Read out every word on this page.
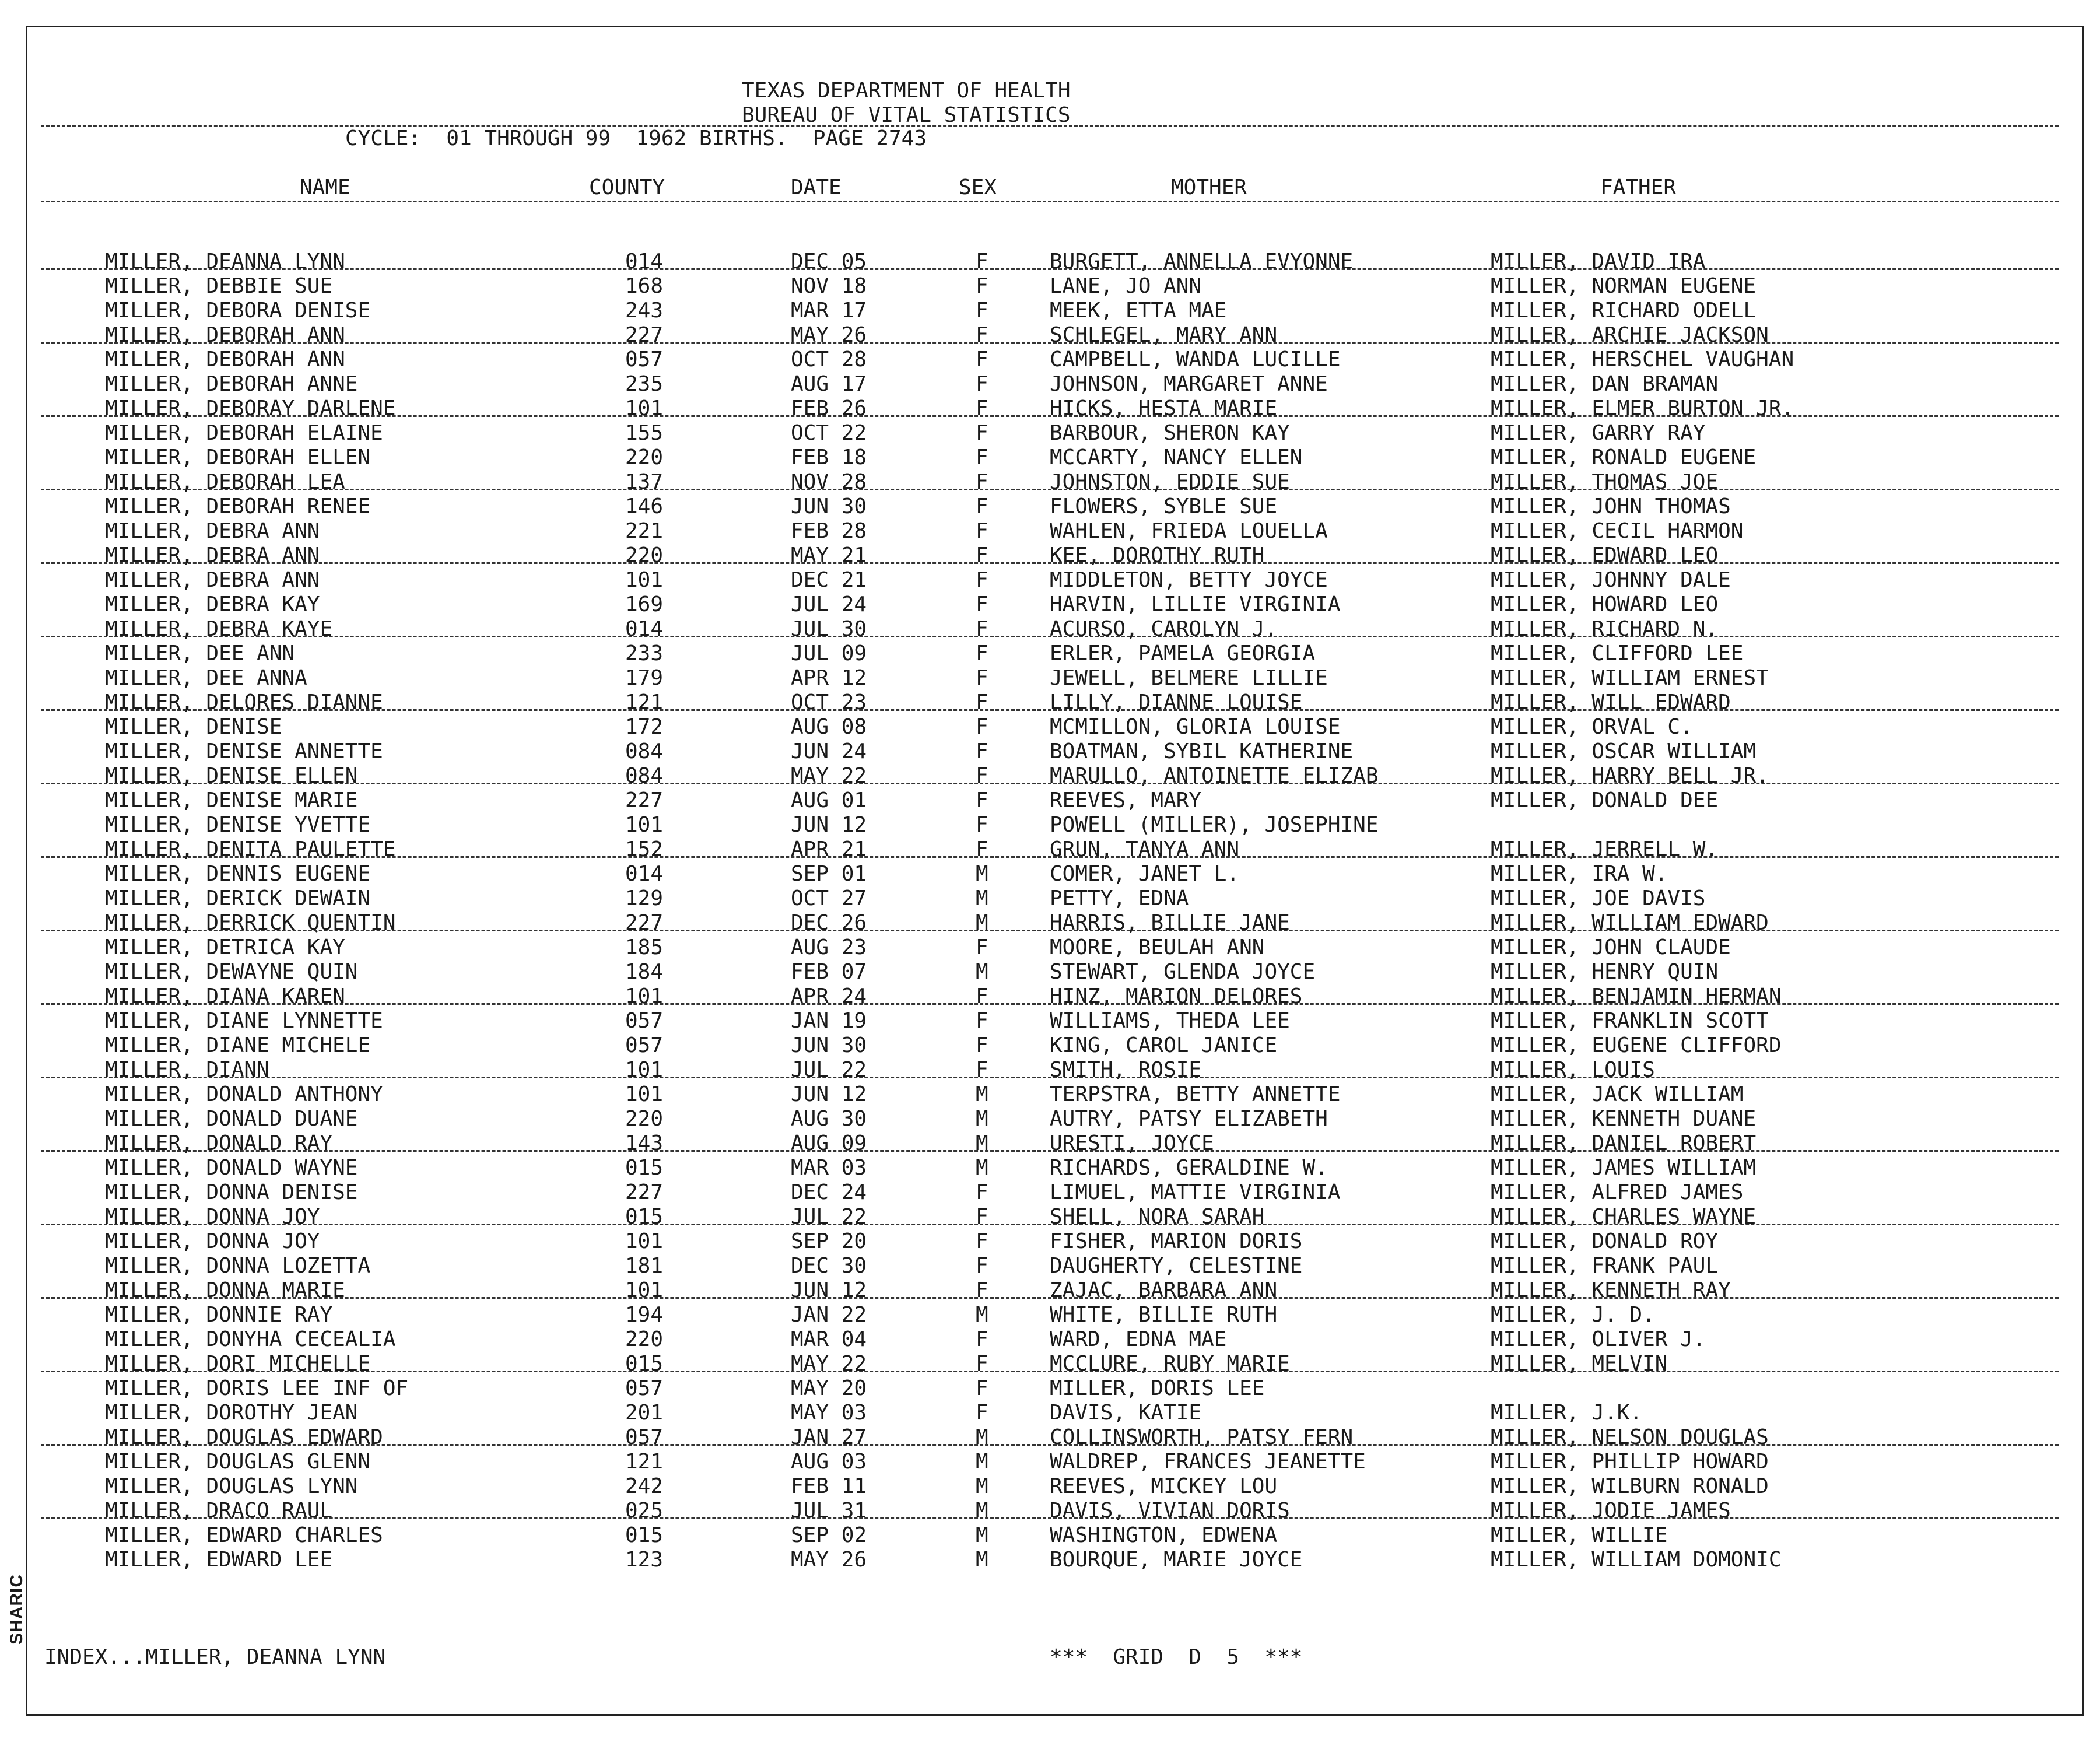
SHARIC
TEXAS DEPARTMENT OF HEALTH
BUREAU OF VITAL STATISTICS
CYCLE:  01 THROUGH 99  1962 BIRTHS.  PAGE 2743
NAME	COUNTY	DATE	SEX	MOTHER	FATHER
MILLER, DEANNA LYNN	014	DEC 05	F	BURGETT, ANNELLA EVYONNE	MILLER, DAVID IRA
MILLER, DEBBIE SUE	168	NOV 18	F	LANE, JO ANN	MILLER, NORMAN EUGENE
MILLER, DEBORA DENISE	243	MAR 17	F	MEEK, ETTA MAE	MILLER, RICHARD ODELL
MILLER, DEBORAH ANN	227	MAY 26	F	SCHLEGEL, MARY ANN	MILLER, ARCHIE JACKSON
MILLER, DEBORAH ANN	057	OCT 28	F	CAMPBELL, WANDA LUCILLE	MILLER, HERSCHEL VAUGHAN
MILLER, DEBORAH ANNE	235	AUG 17	F	JOHNSON, MARGARET ANNE	MILLER, DAN BRAMAN
MILLER, DEBORAY DARLENE	101	FEB 26	F	HICKS, HESTA MARIE	MILLER, ELMER BURTON JR.
MILLER, DEBORAH ELAINE	155	OCT 22	F	BARBOUR, SHERON KAY	MILLER, GARRY RAY
MILLER, DEBORAH ELLEN	220	FEB 18	F	MCCARTY, NANCY ELLEN	MILLER, RONALD EUGENE
MILLER, DEBORAH LEA	137	NOV 28	F	JOHNSTON, EDDIE SUE	MILLER, THOMAS JOE
MILLER, DEBORAH RENEE	146	JUN 30	F	FLOWERS, SYBLE SUE	MILLER, JOHN THOMAS
MILLER, DEBRA ANN	221	FEB 28	F	WAHLEN, FRIEDA LOUELLA	MILLER, CECIL HARMON
MILLER, DEBRA ANN	220	MAY 21	F	KEE, DOROTHY RUTH	MILLER, EDWARD LEO
MILLER, DEBRA ANN	101	DEC 21	F	MIDDLETON, BETTY JOYCE	MILLER, JOHNNY DALE
MILLER, DEBRA KAY	169	JUL 24	F	HARVIN, LILLIE VIRGINIA	MILLER, HOWARD LEO
MILLER, DEBRA KAYE	014	JUL 30	F	ACURSO, CAROLYN J.	MILLER, RICHARD N.
MILLER, DEE ANN	233	JUL 09	F	ERLER, PAMELA GEORGIA	MILLER, CLIFFORD LEE
MILLER, DEE ANNA	179	APR 12	F	JEWELL, BELMERE LILLIE	MILLER, WILLIAM ERNEST
MILLER, DELORES DIANNE	121	OCT 23	F	LILLY, DIANNE LOUISE	MILLER, WILL EDWARD
MILLER, DENISE	172	AUG 08	F	MCMILLON, GLORIA LOUISE	MILLER, ORVAL C.
MILLER, DENISE ANNETTE	084	JUN 24	F	BOATMAN, SYBIL KATHERINE	MILLER, OSCAR WILLIAM
MILLER, DENISE ELLEN	084	MAY 22	F	MARULLO, ANTOINETTE ELIZAB	MILLER, HARRY BELL JR.
MILLER, DENISE MARIE	227	AUG 01	F	REEVES, MARY	MILLER, DONALD DEE
MILLER, DENISE YVETTE	101	JUN 12	F	POWELL (MILLER), JOSEPHINE
MILLER, DENITA PAULETTE	152	APR 21	F	GRUN, TANYA ANN	MILLER, JERRELL W.
MILLER, DENNIS EUGENE	014	SEP 01	M	COMER, JANET L.	MILLER, IRA W.
MILLER, DERICK DEWAIN	129	OCT 27	M	PETTY, EDNA	MILLER, JOE DAVIS
MILLER, DERRICK QUENTIN	227	DEC 26	M	HARRIS, BILLIE JANE	MILLER, WILLIAM EDWARD
MILLER, DETRICA KAY	185	AUG 23	F	MOORE, BEULAH ANN	MILLER, JOHN CLAUDE
MILLER, DEWAYNE QUIN	184	FEB 07	M	STEWART, GLENDA JOYCE	MILLER, HENRY QUIN
MILLER, DIANA KAREN	101	APR 24	F	HINZ, MARION DELORES	MILLER, BENJAMIN HERMAN
MILLER, DIANE LYNNETTE	057	JAN 19	F	WILLIAMS, THEDA LEE	MILLER, FRANKLIN SCOTT
MILLER, DIANE MICHELE	057	JUN 30	F	KING, CAROL JANICE	MILLER, EUGENE CLIFFORD
MILLER, DIANN	101	JUL 22	F	SMITH, ROSIE	MILLER, LOUIS
MILLER, DONALD ANTHONY	101	JUN 12	M	TERPSTRA, BETTY ANNETTE	MILLER, JACK WILLIAM
MILLER, DONALD DUANE	220	AUG 30	M	AUTRY, PATSY ELIZABETH	MILLER, KENNETH DUANE
MILLER, DONALD RAY	143	AUG 09	M	URESTI, JOYCE	MILLER, DANIEL ROBERT
MILLER, DONALD WAYNE	015	MAR 03	M	RICHARDS, GERALDINE W.	MILLER, JAMES WILLIAM
MILLER, DONNA DENISE	227	DEC 24	F	LIMUEL, MATTIE VIRGINIA	MILLER, ALFRED JAMES
MILLER, DONNA JOY	015	JUL 22	F	SHELL, NORA SARAH	MILLER, CHARLES WAYNE
MILLER, DONNA JOY	101	SEP 20	F	FISHER, MARION DORIS	MILLER, DONALD ROY
MILLER, DONNA LOZETTA	181	DEC 30	F	DAUGHERTY, CELESTINE	MILLER, FRANK PAUL
MILLER, DONNA MARIE	101	JUN 12	F	ZAJAC, BARBARA ANN	MILLER, KENNETH RAY
MILLER, DONNIE RAY	194	JAN 22	M	WHITE, BILLIE RUTH	MILLER, J. D.
MILLER, DONYHA CECEALIA	220	MAR 04	F	WARD, EDNA MAE	MILLER, OLIVER J.
MILLER, DORI MICHELLE	015	MAY 22	F	MCCLURE, RUBY MARIE	MILLER, MELVIN
MILLER, DORIS LEE INF OF	057	MAY 20	F	MILLER, DORIS LEE
MILLER, DOROTHY JEAN	201	MAY 03	F	DAVIS, KATIE	MILLER, J.K.
MILLER, DOUGLAS EDWARD	057	JAN 27	M	COLLINSWORTH, PATSY FERN	MILLER, NELSON DOUGLAS
MILLER, DOUGLAS GLENN	121	AUG 03	M	WALDREP, FRANCES JEANETTE	MILLER, PHILLIP HOWARD
MILLER, DOUGLAS LYNN	242	FEB 11	M	REEVES, MICKEY LOU	MILLER, WILBURN RONALD
MILLER, DRACO RAUL	025	JUL 31	M	DAVIS, VIVIAN DORIS	MILLER, JODIE JAMES
MILLER, EDWARD CHARLES	015	SEP 02	M	WASHINGTON, EDWENA	MILLER, WILLIE
MILLER, EDWARD LEE	123	MAY 26	M	BOURQUE, MARIE JOYCE	MILLER, WILLIAM DOMONIC
INDEX...MILLER, DEANNA LYNN	***  GRID  D  5  ***
